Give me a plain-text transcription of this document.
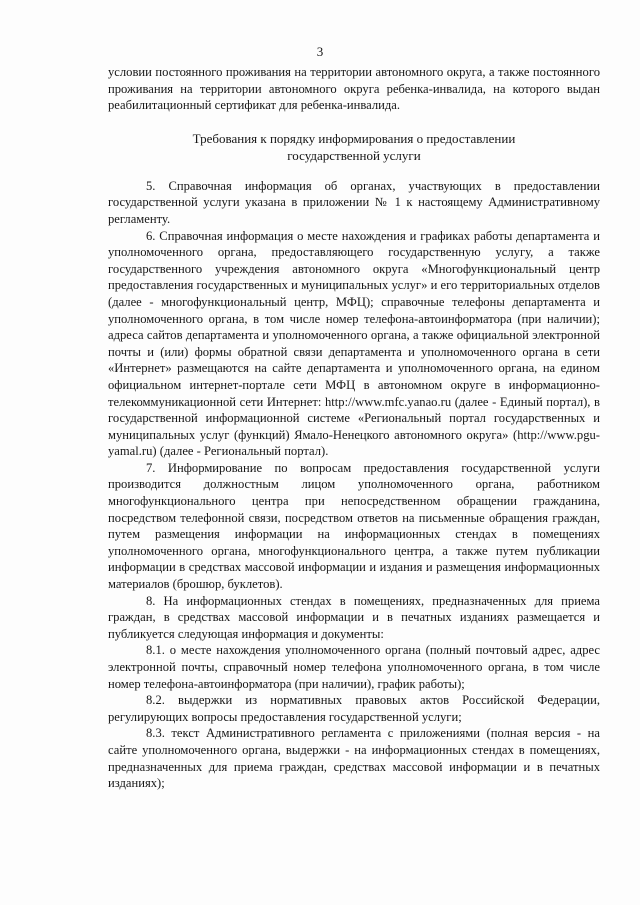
3

условии постоянного проживания на территории автономного округа, а также постоянного проживания на территории автономного округа ребенка-инвалида, на которого выдан реабилитационный сертификат для ребенка-инвалида.

Требования к порядку информирования о предоставлении
государственной услуги

5. Справочная информация об органах, участвующих в предоставлении государственной услуги указана в приложении № 1 к настоящему Административному регламенту.

6. Справочная информация о месте нахождения и графиках работы департамента и уполномоченного органа, предоставляющего государственную услугу, а также государственного учреждения автономного округа «Многофункциональный центр предоставления государственных и муниципальных услуг» и его территориальных отделов (далее - многофункциональный центр, МФЦ); справочные телефоны департамента и уполномоченного органа, в том числе номер телефона-автоинформатора (при наличии); адреса сайтов департамента и уполномоченного органа, а также официальной электронной почты и (или) формы обратной связи департамента и уполномоченного органа в сети «Интернет» размещаются на сайте департамента и уполномоченного органа, на едином официальном интернет-портале сети МФЦ в автономном округе в информационно-телекоммуникационной сети Интернет: http://www.mfc.yanao.ru (далее - Единый портал), в государственной информационной системе «Региональный портал государственных и муниципальных услуг (функций) Ямало-Ненецкого автономного округа» (http://www.pgu-yamal.ru) (далее - Региональный портал).

7. Информирование по вопросам предоставления государственной услуги производится должностным лицом уполномоченного органа, работником многофункционального центра при непосредственном обращении гражданина, посредством телефонной связи, посредством ответов на письменные обращения граждан, путем размещения информации на информационных стендах в помещениях уполномоченного органа, многофункционального центра, а также путем публикации информации в средствах массовой информации и издания и размещения информационных материалов (брошюр, буклетов).

8. На информационных стендах в помещениях, предназначенных для приема граждан, в средствах массовой информации и в печатных изданиях размещается и публикуется следующая информация и документы:

8.1. о месте нахождения уполномоченного органа (полный почтовый адрес, адрес электронной почты, справочный номер телефона уполномоченного органа, в том числе номер телефона-автоинформатора (при наличии), график работы);

8.2. выдержки из нормативных правовых актов Российской Федерации, регулирующих вопросы предоставления государственной услуги;

8.3. текст Административного регламента с приложениями (полная версия - на сайте уполномоченного органа, выдержки - на информационных стендах в помещениях, предназначенных для приема граждан, средствах массовой информации и в печатных изданиях);
